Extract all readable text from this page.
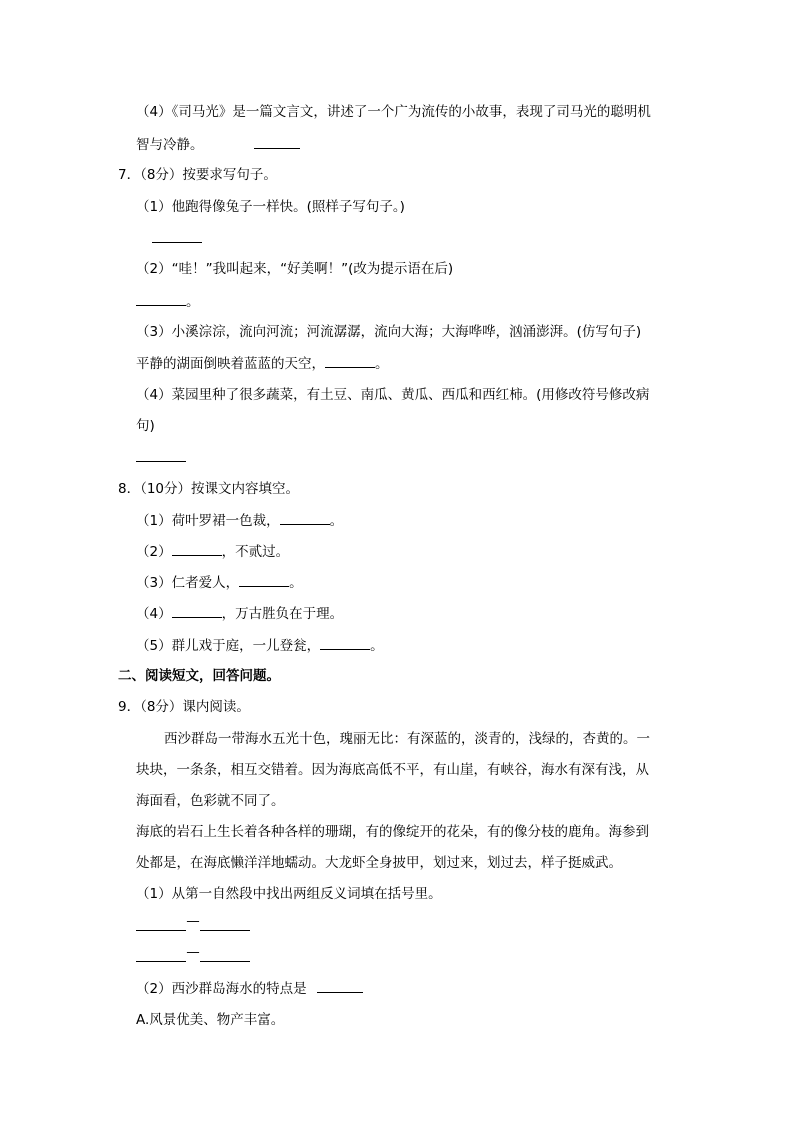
（4）《司马光》是一篇文言文，讲述了一个广为流传的小故事，表现了司马光的聪明机
智与冷静。
7．（8分）按要求写句子。
（1）他跑得像兔子一样快。(照样子写句子。)
（2）“哇！”我叫起来，“好美啊！”(改为提示语在后)
。
（3）小溪淙淙，流向河流；河流潺潺，流向大海；大海哗哗，汹涌澎湃。(仿写句子)
平静的湖面倒映着蓝蓝的天空，	。
（4）菜园里种了很多蔬菜，有土豆、南瓜、黄瓜、西瓜和西红柿。(用修改符号修改病
句)
8．（10分）按课文内容填空。
（1）荷叶罗裙一色裁，	。
（2）	，不贰过。
（3）仁者爱人，	。
（4）	，万古胜负在于理。
（5）群儿戏于庭，一儿登瓮，	。
二、阅读短文，回答问题。
9．（8分）课内阅读。
西沙群岛一带海水五光十色，瑰丽无比：有深蓝的，淡青的，浅绿的，杏黄的。一
块块，一条条，相互交错着。因为海底高低不平，有山崖，有峡谷，海水有深有浅，从
海面看，色彩就不同了。
海底的岩石上生长着各种各样的珊瑚，有的像绽开的花朵，有的像分枝的鹿角。海参到
处都是，在海底懒洋洋地蠕动。大龙虾全身披甲，划过来，划过去，样子挺威武。
（1）从第一自然段中找出两组反义词填在括号里。
—
—
（2）西沙群岛海水的特点是
A.风景优美、物产丰富。
